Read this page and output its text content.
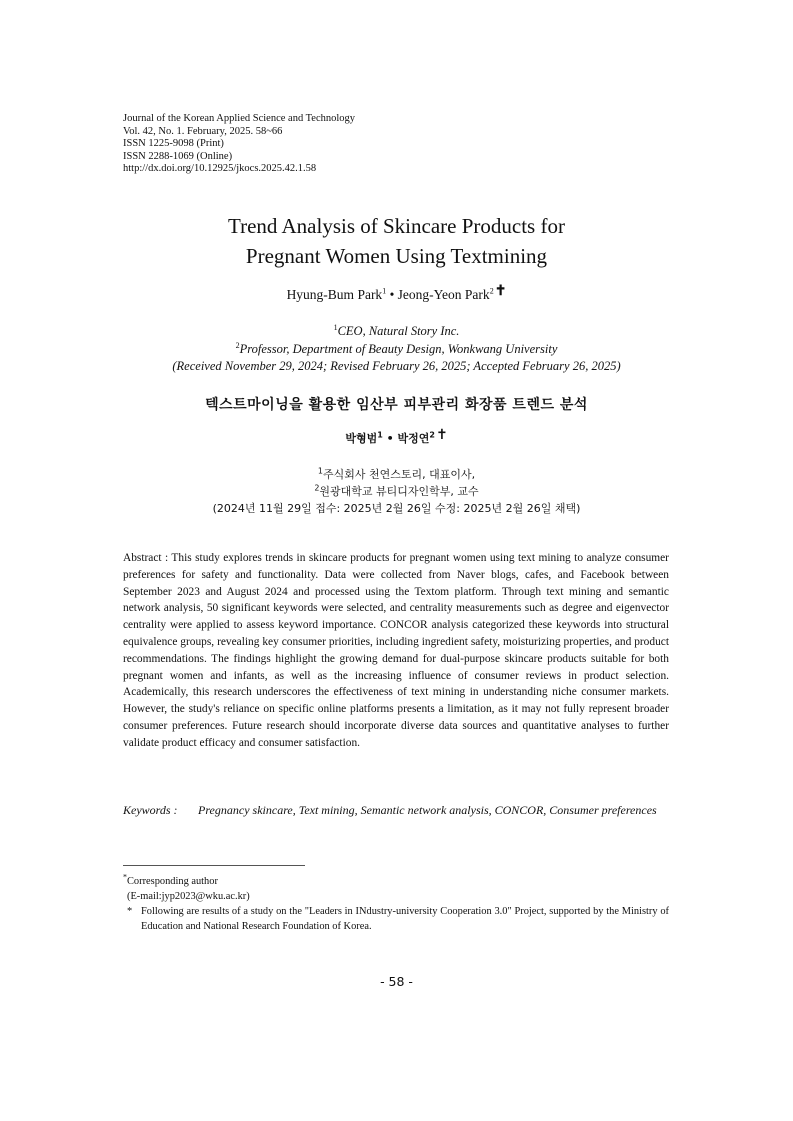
Journal of the Korean Applied Science and Technology
Vol. 42, No. 1. February, 2025. 58~66
ISSN 1225-9098 (Print)
ISSN 2288-1069 (Online)
http://dx.doi.org/10.12925/jkocs.2025.42.1.58
Trend Analysis of Skincare Products for
Pregnant Women Using Textmining
Hyung-Bum Park$^1$ • Jeong-Yeon Park$^2$✝
$^1$CEO, Natural Story Inc.
$^2$Professor, Department of Beauty Design, Wonkwang University
(Received November 29, 2024; Revised February 26, 2025; Accepted February 26, 2025)
텍스트마이닝을 활용한 임산부 피부관리 화장품 트렌드 분석
박형범$^1$ • 박정연$^2$✝
$^1$주식회사 천연스토리, 대표이사,
$^2$원광대학교 뷰티디자인학부, 교수
(2024년 11월 29일 접수: 2025년 2월 26일 수정: 2025년 2월 26일 채택)
Abstract : This study explores trends in skincare products for pregnant women using text mining to analyze consumer preferences for safety and functionality. Data were collected from Naver blogs, cafes, and Facebook between September 2023 and August 2024 and processed using the Textom platform. Through text mining and semantic network analysis, 50 significant keywords were selected, and centrality measurements such as degree and eigenvector centrality were applied to assess keyword importance. CONCOR analysis categorized these keywords into structural equivalence groups, revealing key consumer priorities, including ingredient safety, moisturizing properties, and product recommendations. The findings highlight the growing demand for dual-purpose skincare products suitable for both pregnant women and infants, as well as the increasing influence of consumer reviews in product selection. Academically, this research underscores the effectiveness of text mining in understanding niche consumer markets. However, the study's reliance on specific online platforms presents a limitation, as it may not fully represent broader consumer preferences. Future research should incorporate diverse data sources and quantitative analyses to further validate product efficacy and consumer satisfaction.
Keywords :	Pregnancy skincare, Text mining, Semantic network analysis, CONCOR, Consumer preferences
*Corresponding author
(E-mail:jyp2023@wku.ac.kr)
* Following are results of a study on the "Leaders in INdustry-university Cooperation 3.0" Project, supported by the Ministry of Education and National Research Foundation of Korea.
- 58 -
